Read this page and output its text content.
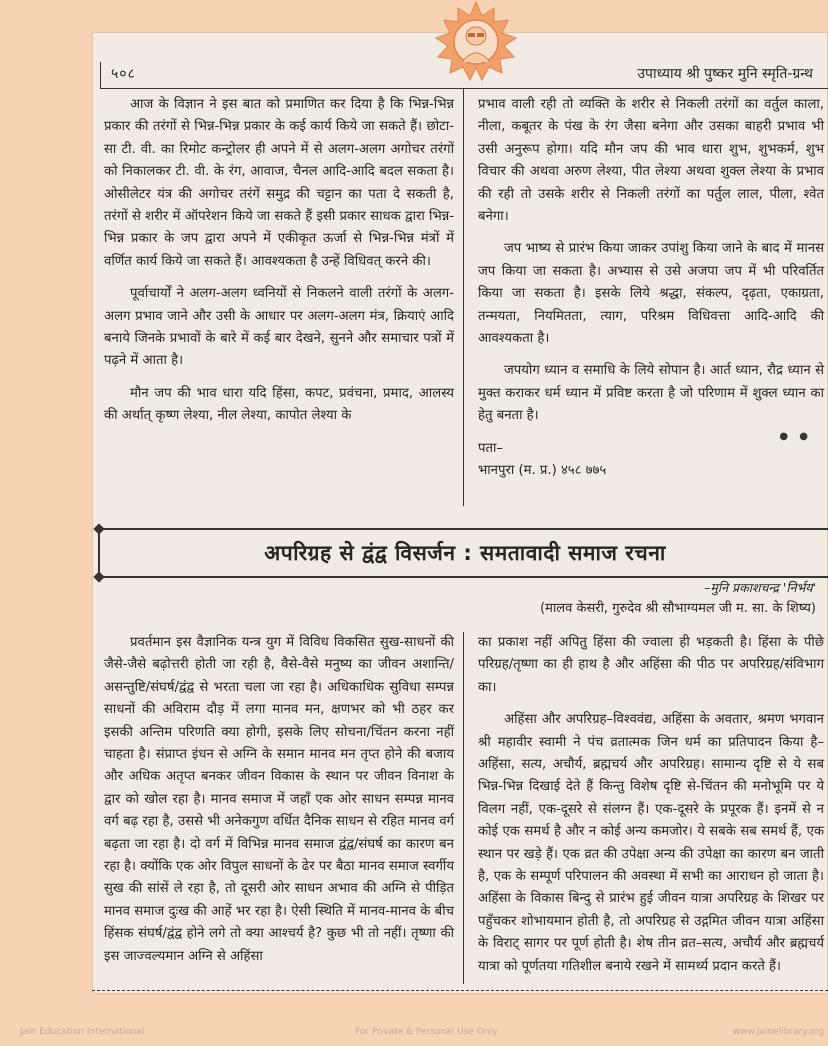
५०८	उपाध्याय श्री पुष्कर मुनि स्मृति-ग्रन्थ

आज के विज्ञान ने इस बात को प्रमाणित कर दिया है कि भिन्न-भिन्न प्रकार की तरंगों से भिन्न-भिन्न प्रकार के कई कार्य किये जा सकते हैं। छोटा-सा टी. वी. का रिमोट कन्ट्रोलर ही अपने में से अलग-अलग अगोचर तरंगों को निकालकर टी. वी. के रंग, आवाज, चैनल आदि-आदि बदल सकता है। ओसीलेटर यंत्र की अगोचर तरंगें समुद्र की चट्टान का पता दे सकती है, तरंगों से शरीर में ऑपरेशन किये जा सकते हैं इसी प्रकार साधक द्वारा भिन्न-भिन्न प्रकार के जप द्वारा अपने में एकीकृत ऊर्जा से भिन्न-भिन्न मंत्रों में वर्णित कार्य किये जा सकते हैं। आवश्यकता है उन्हें विधिवत् करने की।

पूर्वाचार्यों ने अलग-अलग ध्वनियों से निकलने वाली तरंगों के अलग-अलग प्रभाव जाने और उसी के आधार पर अलग-अलग मंत्र, क्रियाएं आदि बनाये जिनके प्रभावों के बारे में कई बार देखने, सुनने और समाचार पत्रों में पढ़ने में आता है।

मौन जप की भाव धारा यदि हिंसा, कपट, प्रवंचना, प्रमाद, आलस्य की अर्थात् कृष्ण लेश्या, नील लेश्या, कापोत लेश्या के

प्रभाव वाली रही तो व्यक्ति के शरीर से निकली तरंगों का वर्तुल काला, नीला, कबूतर के पंख के रंग जैसा बनेगा और उसका बाहरी प्रभाव भी उसी अनुरूप होगा। यदि मौन जप की भाव धारा शुभ, शुभकर्म, शुभ विचार की अथवा अरुण लेश्या, पीत लेश्या अथवा शुक्ल लेश्या के प्रभाव की रही तो उसके शरीर से निकली तरंगों का पर्तुल लाल, पीला, श्वेत बनेगा।

जप भाष्य से प्रारंभ किया जाकर उपांशु किया जाने के बाद में मानस जप किया जा सकता है। अभ्यास से उसे अजपा जप में भी परिवर्तित किया जा सकता है। इसके लिये श्रद्धा, संकल्प, दृढ़ता, एकाग्रता, तन्मयता, नियमितता, त्याग, परिश्रम विधिवत्ता आदि-आदि की आवश्यकता है।

जपयोग ध्यान व समाधि के लिये सोपान है। आर्त ध्यान, रौद्र ध्यान से मुक्त कराकर धर्म ध्यान में प्रविष्ट करता है जो परिणाम में शुक्ल ध्यान का हेतु बनता है।

पता–

भानपुरा (म. प्र.) ४५८ ७७५

● ●
अपरिग्रह से द्वंद्व विसर्जन : समतावादी समाज रचना
–मुनि प्रकाशचन्द्र 'निर्भय'
(मालव केसरी, गुरुदेव श्री सौभाग्यमल जी म. सा. के शिष्य)

प्रवर्तमान इस वैज्ञानिक यन्त्र युग में विविध विकसित सुख-साधनों की जैसे-जैसे बढ़ोत्तरी होती जा रही है, वैसे-वैसे मनुष्य का जीवन अशान्ति/असन्तुष्टि/संघर्ष/द्वंद्व से भरता चला जा रहा है। अधिकाधिक सुविधा सम्पन्न साधनों की अविराम दौड़ में लगा मानव मन, क्षणभर को भी ठहर कर इसकी अन्तिम परिणति क्या होगी, इसके लिए सोचना/चिंतन करना नहीं चाहता है। संप्राप्त इंधन से अग्नि के समान मानव मन तृप्त होने की बजाय और अधिक अतृप्त बनकर जीवन विकास के स्थान पर जीवन विनाश के द्वार को खोल रहा है। मानव समाज में जहाँ एक ओर साधन सम्पन्न मानव वर्ग बढ़ रहा है, उससे भी अनेकगुण वर्धित दैनिक साधन से रहित मानव वर्ग बढ़ता जा रहा है। दो वर्ग में विभिन्न मानव समाज द्वंद्व/संघर्ष का कारण बन रहा है। क्योंकि एक ओर विपुल साधनों के ढेर पर बैठा मानव समाज स्वर्गीय सुख की सांसें ले रहा है, तो दूसरी ओर साधन अभाव की अग्नि से पीड़ित मानव समाज दुःख की आहें भर रहा है। ऐसी स्थिति में मानव-मानव के बीच हिंसक संघर्ष/द्वंद्व होने लगे तो क्या आश्चर्य है? कुछ भी तो नहीं। तृष्णा की इस जाज्वल्यमान अग्नि से अहिंसा

का प्रकाश नहीं अपितु हिंसा की ज्वाला ही भड़कती है। हिंसा के पीछे परिग्रह/तृष्णा का ही हाथ है और अहिंसा की पीठ पर अपरिग्रह/संविभाग का।

अहिंसा और अपरिग्रह–विश्ववंद्य, अहिंसा के अवतार, श्रमण भगवान श्री महावीर स्वामी ने पंच व्रतात्मक जिन धर्म का प्रतिपादन किया है–अहिंसा, सत्य, अचौर्य, ब्रह्मचर्य और अपरिग्रह। सामान्य दृष्टि से ये सब भिन्न-भिन्न दिखाई देते हैं किन्तु विशेष दृष्टि से-चिंतन की मनोभूमि पर ये विलग नहीं, एक-दूसरे से संलग्न हैं। एक-दूसरे के प्रपूरक हैं। इनमें से न कोई एक समर्थ है और न कोई अन्य कमजोर। ये सबके सब समर्थ हैं, एक स्थान पर खड़े हैं। एक व्रत की उपेक्षा अन्य की उपेक्षा का कारण बन जाती है, एक के सम्पूर्ण परिपालन की अवस्था में सभी का आराधन हो जाता है। अहिंसा के विकास बिन्दु से प्रारंभ हुई जीवन यात्रा अपरिग्रह के शिखर पर पहुँचकर शोभायमान होती है, तो अपरिग्रह से उद्गमित जीवन यात्रा अहिंसा के विराट् सागर पर पूर्ण होती है। शेष तीन व्रत–सत्य, अचौर्य और ब्रह्मचर्य यात्रा को पूर्णतया गतिशील बनाये रखने में सामर्थ्य प्रदान करते हैं।

Jain Education International	For Private & Personal Use Only	www.jainelibrary.org
